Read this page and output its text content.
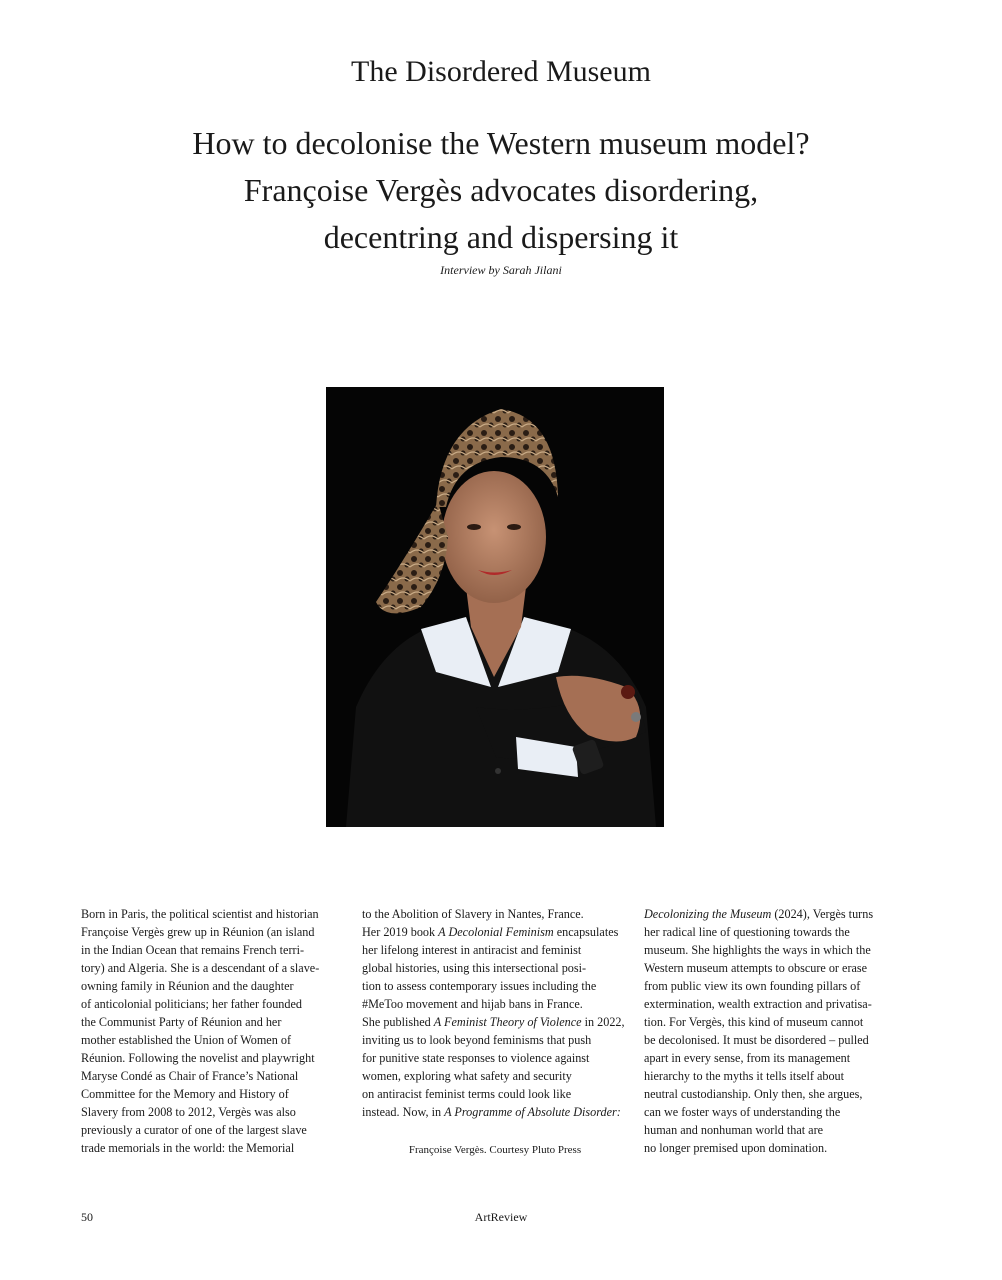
The Disordered Museum
How to decolonise the Western museum model?
Françoise Vergès advocates disordering,
decentring and dispersing it
Interview by Sarah Jilani
Born in Paris, the political scientist and historian
Françoise Vergès grew up in Réunion (an island
in the Indian Ocean that remains French terri-
tory) and Algeria. She is a descendant of a slave-
owning family in Réunion and the daughter
of anticolonial politicians; her father founded
the Communist Party of Réunion and her
mother established the Union of Women of
Réunion. Following the novelist and playwright
Maryse Condé as Chair of France’s National
Committee for the Memory and History of
Slavery from 2008 to 2012, Vergès was also
previously a curator of one of the largest slave
trade memorials in the world: the Memorial
to the Abolition of Slavery in Nantes, France.
Her 2019 book A Decolonial Feminism encapsulates
her lifelong interest in antiracist and feminist
global histories, using this intersectional posi-
tion to assess contemporary issues including the
#MeToo movement and hijab bans in France.
She published A Feminist Theory of Violence in 2022,
inviting us to look beyond feminisms that push
for punitive state responses to violence against
women, exploring what safety and security
on antiracist feminist terms could look like
instead. Now, in A Programme of Absolute Disorder:
Françoise Vergès. Courtesy Pluto Press
Decolonizing the Museum (2024), Vergès turns
her radical line of questioning towards the
museum. She highlights the ways in which the
Western museum attempts to obscure or erase
from public view its own founding pillars of
extermination, wealth extraction and privatisa-
tion. For Vergès, this kind of museum cannot
be decolonised. It must be disordered – pulled
apart in every sense, from its management
hierarchy to the myths it tells itself about
neutral custodianship. Only then, she argues,
can we foster ways of understanding the
human and nonhuman world that are
no longer premised upon domination.
50	ArtReview
